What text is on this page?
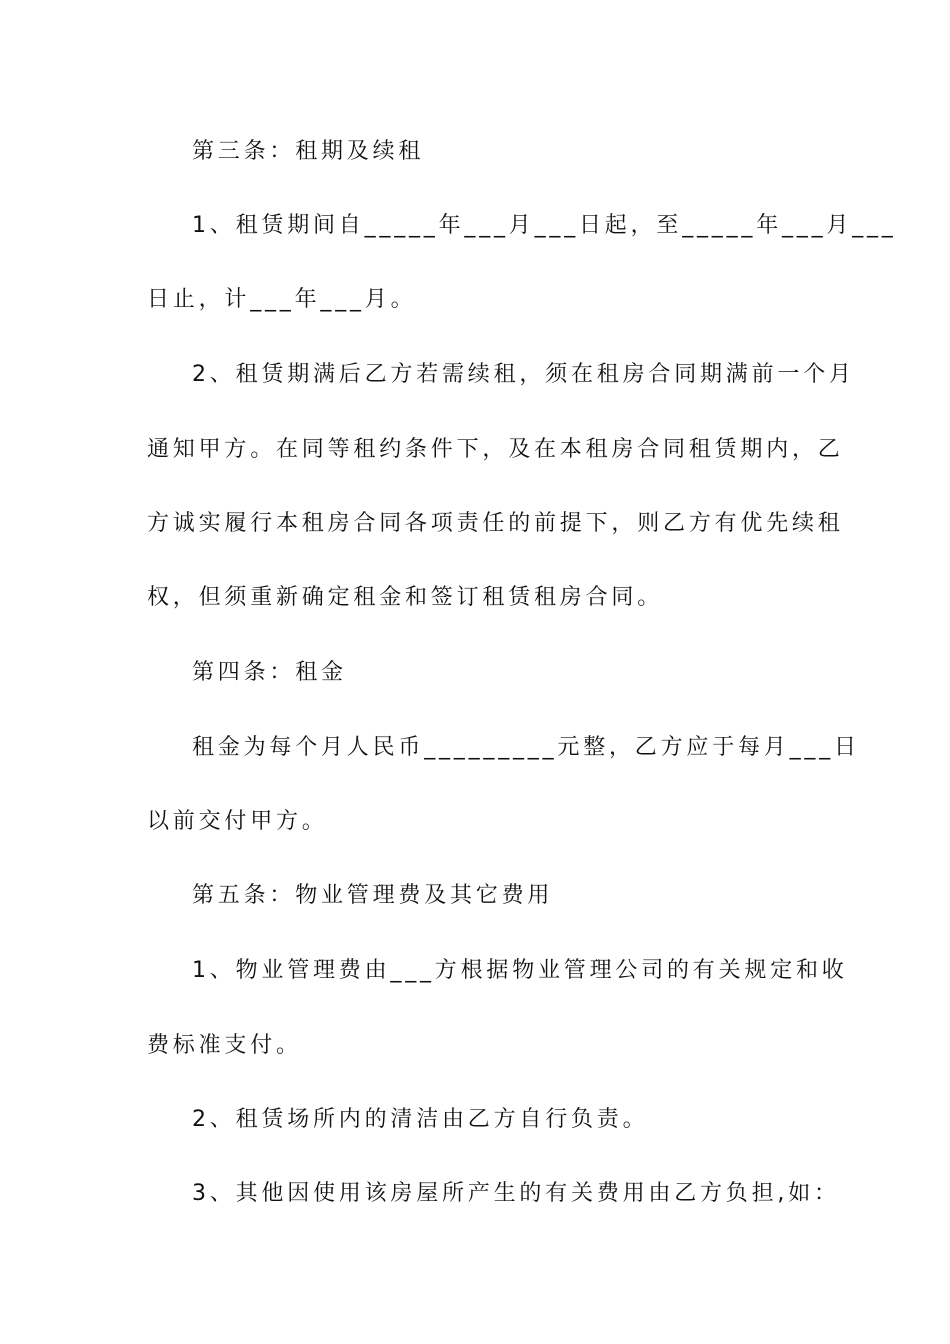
第三条：租期及续租
1、租赁期间自_____年___月___日起，至_____年___月___
日止，计___年___月。
2、租赁期满后乙方若需续租，须在租房合同期满前一个月
通知甲方。在同等租约条件下，及在本租房合同租赁期内，乙
方诚实履行本租房合同各项责任的前提下，则乙方有优先续租
权，但须重新确定租金和签订租赁租房合同。
第四条：租金
租金为每个月人民币_________元整，乙方应于每月___日
以前交付甲方。
第五条：物业管理费及其它费用
1、物业管理费由___方根据物业管理公司的有关规定和收
费标准支付。
2、租赁场所内的清洁由乙方自行负责。
3、其他因使用该房屋所产生的有关费用由乙方负担,如：
